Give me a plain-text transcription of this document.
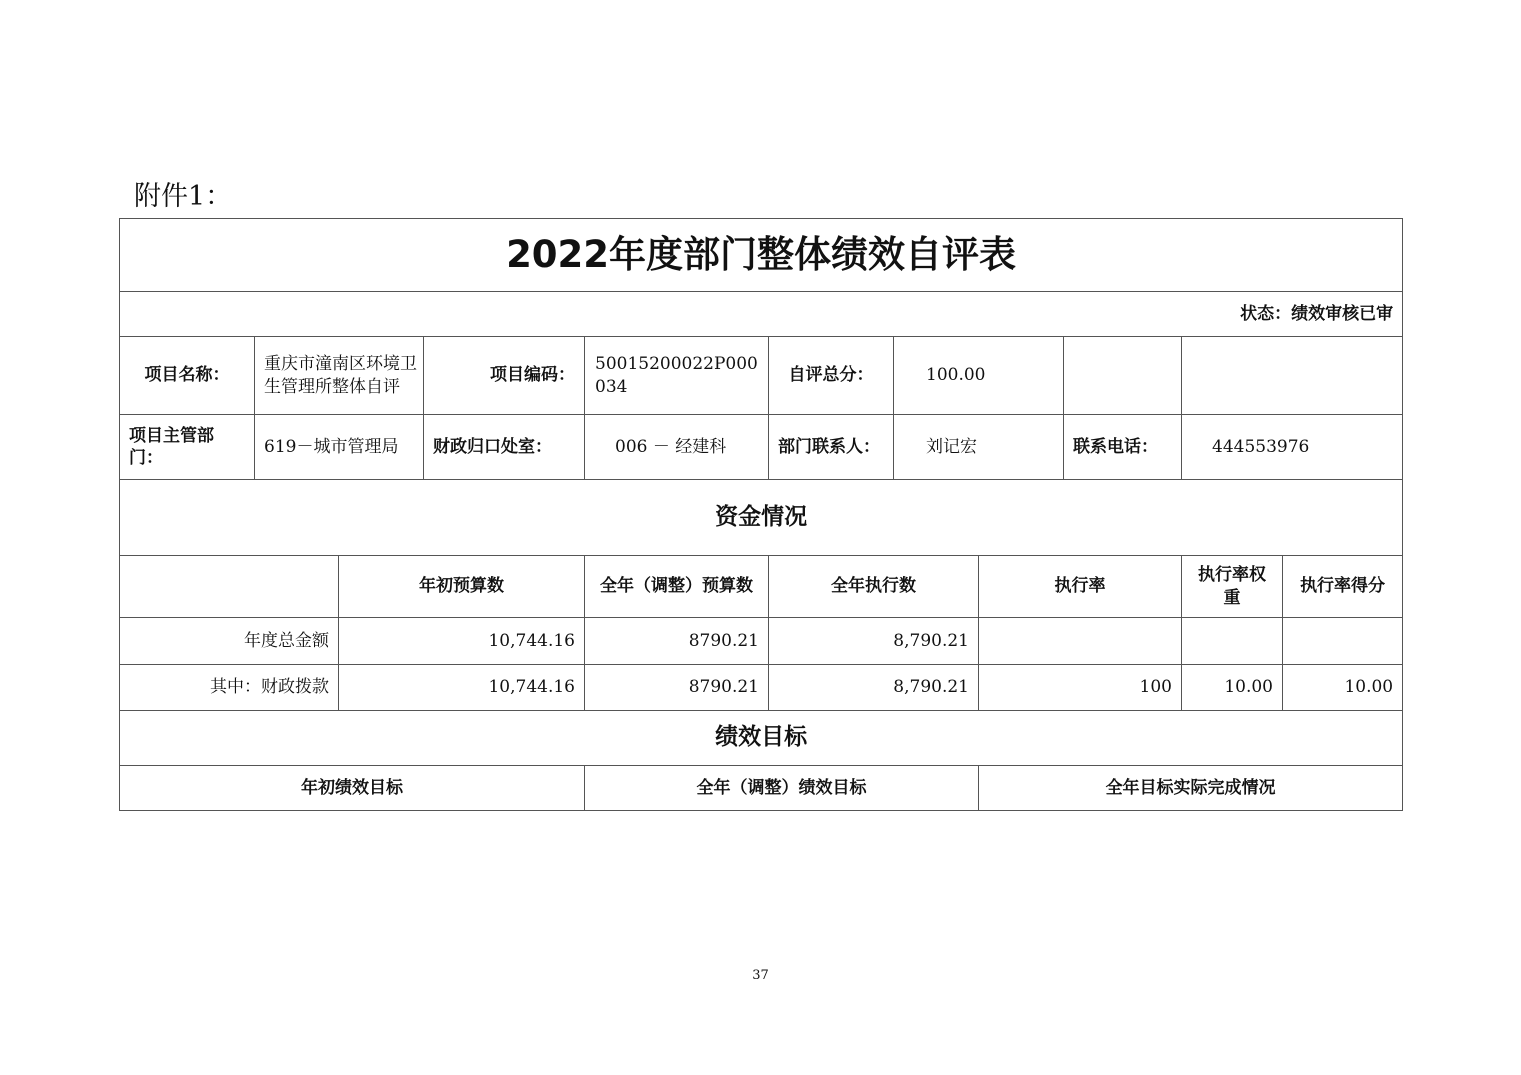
附件1：
2022年度部门整体绩效自评表										
状态：绩效审核已审										
项目名称：	重庆市潼南区环境卫生管理所整体自评		项目编码：	50015200022P000034	自评总分：	100.00				
项目主管部门：	619－城市管理局		财政归口处室：	006 － 经建科	部门联系人：	刘记宏		联系电话：	444553976	
资金情况										
		年初预算数		全年（调整）预算数	全年执行数		执行率		执行率权重	执行率得分
年度总金额		10,744.16		8790.21	8,790.21					
其中：财政拨款		10,744.16		8790.21	8,790.21		100		10.00	10.00
绩效目标										
年初绩效目标				全年（调整）绩效目标			全年目标实际完成情况			
37
